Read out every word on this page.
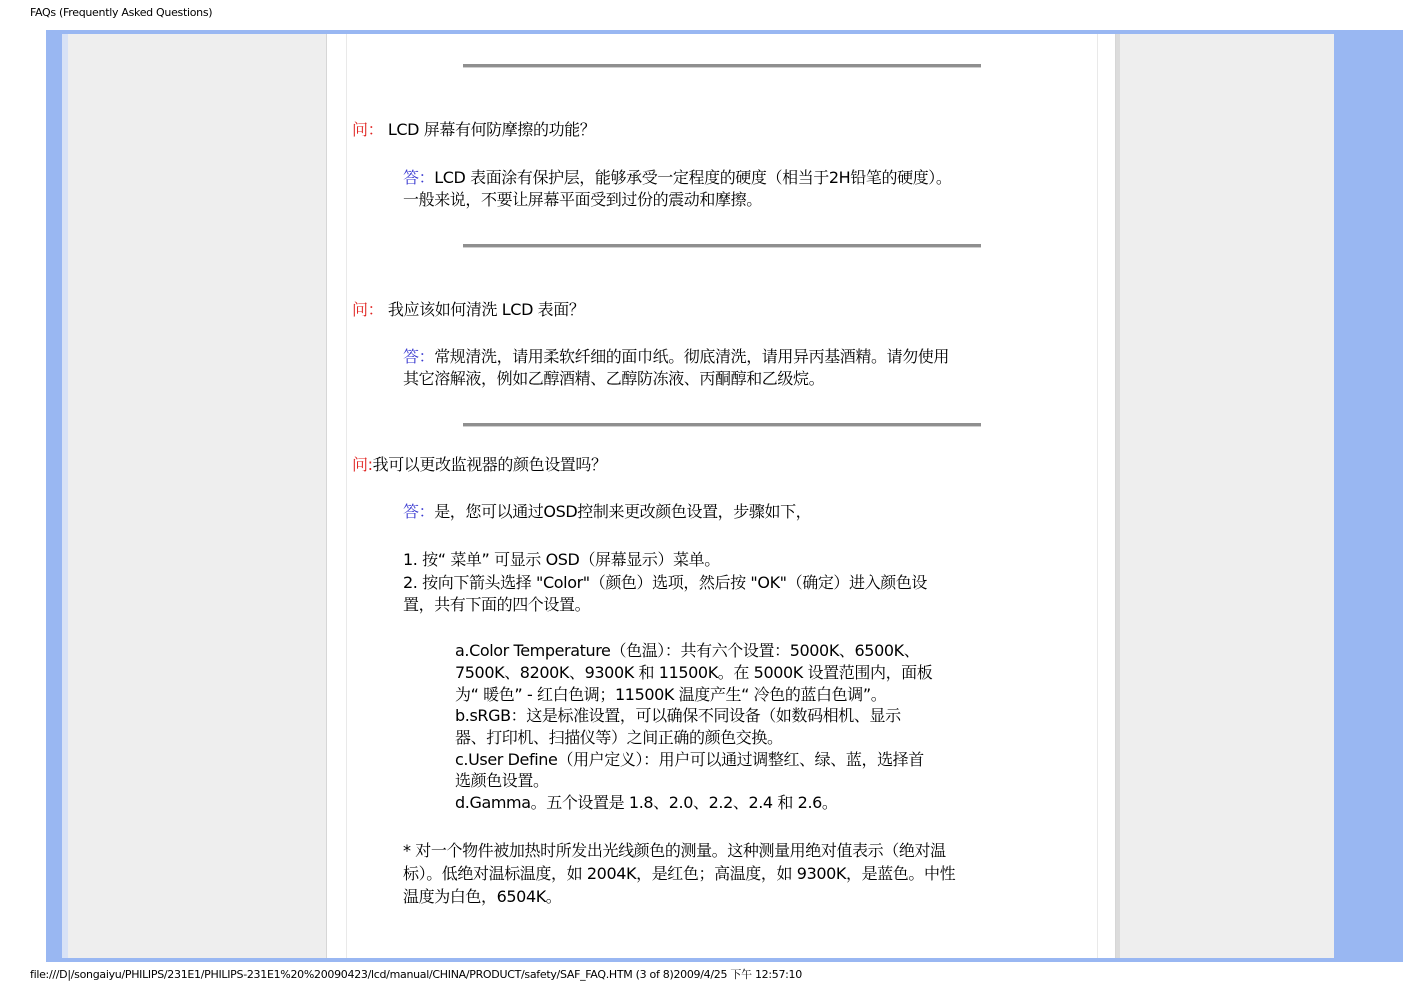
FAQs (Frequently Asked Questions)
问： LCD 屏幕有何防摩擦的功能？
答：LCD 表面涂有保护层，能够承受一定程度的硬度（相当于2H铅笔的硬度）。
一般来说，不要让屏幕平面受到过份的震动和摩擦。
问： 我应该如何清洗 LCD 表面？
答：常规清洗，请用柔软纤细的面巾纸。彻底清洗，请用异丙基酒精。请勿使用
其它溶解液，例如乙醇酒精、乙醇防冻液、丙酮醇和乙级烷。
问:我可以更改监视器的颜色设置吗？
答：是，您可以通过OSD控制来更改颜色设置，步骤如下，
1. 按“ 菜单” 可显示 OSD（屏幕显示）菜单。
2. 按向下箭头选择 "Color"（颜色）选项，然后按 "OK"（确定）进入颜色设
置，共有下面的四个设置。
a.Color Temperature（色温）：共有六个设置：5000K、6500K、
7500K、8200K、9300K 和 11500K。在 5000K 设置范围内，面板
为“ 暖色” - 红白色调；11500K 温度产生“ 冷色的蓝白色调”。
b.sRGB：这是标准设置，可以确保不同设备（如数码相机、显示
器、打印机、扫描仪等）之间正确的颜色交换。
c.User Define（用户定义）：用户可以通过调整红、绿、蓝，选择首
选颜色设置。
d.Gamma。五个设置是 1.8、2.0、2.2、2.4 和 2.6。
* 对一个物件被加热时所发出光线颜色的测量。这种测量用绝对值表示（绝对温
标）。低绝对温标温度，如 2004K，是红色；高温度，如 9300K，是蓝色。中性
温度为白色，6504K。
file:///D|/songaiyu/PHILIPS/231E1/PHILIPS-231E1%20%20090423/lcd/manual/CHINA/PRODUCT/safety/SAF_FAQ.HTM (3 of 8)2009/4/25 下午 12:57:10
